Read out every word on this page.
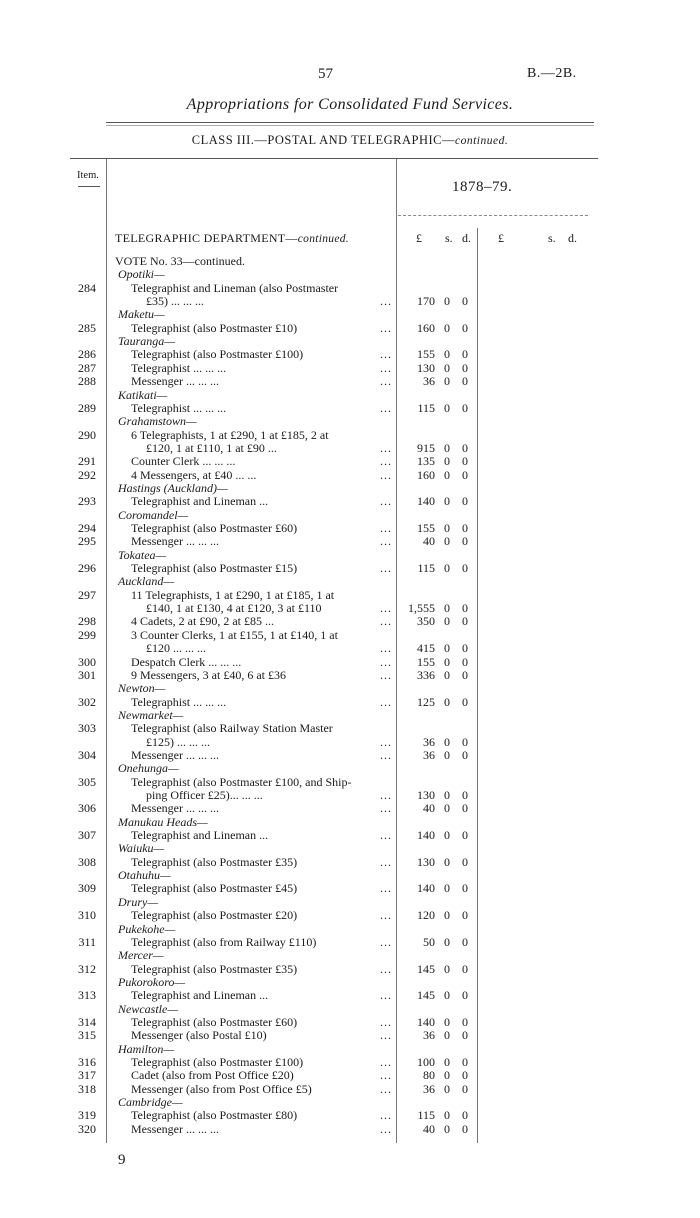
57	B.—2B.
Appropriations for Consolidated Fund Services.
CLASS III.—POSTAL AND TELEGRAPHIC—continued.
Item.
1878–79.
TELEGRAPHIC DEPARTMENT—continued.	£ s. d. £	s. d.
VOTE No. 33—continued.
Opotiki—
284	Telegraphist and Lineman (also Postmaster
£35) ... ... ...	...	170 0	0
Maketu—
285	Telegraphist (also Postmaster £10)	...	160 0	0
Tauranga—
286	Telegraphist (also Postmaster £100)	...	155 0	0
287	Telegraphist ... ... ...	...	130 0	0
288	Messenger ... ... ...	...	36 0	0
Katikati—
289	Telegraphist ... ... ...	...	115 0	0
Grahamstown—
290	6 Telegraphists, 1 at £290, 1 at £185, 2 at
£120, 1 at £110, 1 at £90 ...	...	915 0	0
291	Counter Clerk ... ... ...	...	135 0	0
292	4 Messengers, at £40 ... ...	...	160 0	0
Hastings (Auckland)—
293	Telegraphist and Lineman ...	...	140 0	0
Coromandel—
294	Telegraphist (also Postmaster £60)	...	155 0	0
295	Messenger ... ... ...	...	40 0	0
Tokatea—
296	Telegraphist (also Postmaster £15)	...	115 0	0
Auckland—
297	11 Telegraphists, 1 at £290, 1 at £185, 1 at
£140, 1 at £130, 4 at £120, 3 at £110	...	1,555 0	0
298	4 Cadets, 2 at £90, 2 at £85 ...	...	350 0	0
299	3 Counter Clerks, 1 at £155, 1 at £140, 1 at
£120 ... ... ...	...	415 0	0
300	Despatch Clerk ... ... ...	...	155 0	0
301	9 Messengers, 3 at £40, 6 at £36	...	336 0	0
Newton—
302	Telegraphist ... ... ...	...	125 0	0
Newmarket—
303	Telegraphist (also Railway Station Master
£125) ... ... ...	...	36 0	0
304	Messenger ... ... ...	...	36 0	0
Onehunga—
305	Telegraphist (also Postmaster £100, and Ship-
ping Officer £25)... ... ...	...	130 0	0
306	Messenger ... ... ...	...	40 0	0
Manukau Heads—
307	Telegraphist and Lineman ...	...	140 0	0
Waiuku—
308	Telegraphist (also Postmaster £35)	...	130 0	0
Otahuhu—
309	Telegraphist (also Postmaster £45)	...	140 0	0
Drury—
310	Telegraphist (also Postmaster £20)	...	120 0	0
Pukekohe—
311	Telegraphist (also from Railway £110)	...	50 0	0
Mercer—
312	Telegraphist (also Postmaster £35)	...	145 0	0
Pukorokoro—
313	Telegraphist and Lineman ...	...	145 0	0
Newcastle—
314	Telegraphist (also Postmaster £60)	...	140 0	0
315	Messenger (also Postal £10)	...	36 0	0
Hamilton—
316	Telegraphist (also Postmaster £100)	...	100 0	0
317	Cadet (also from Post Office £20)	...	80 0	0
318	Messenger (also from Post Office £5)	...	36 0	0
Cambridge—
319	Telegraphist (also Postmaster £80)	...	115 0	0
320	Messenger ... ... ...	...	40 0	0
9
